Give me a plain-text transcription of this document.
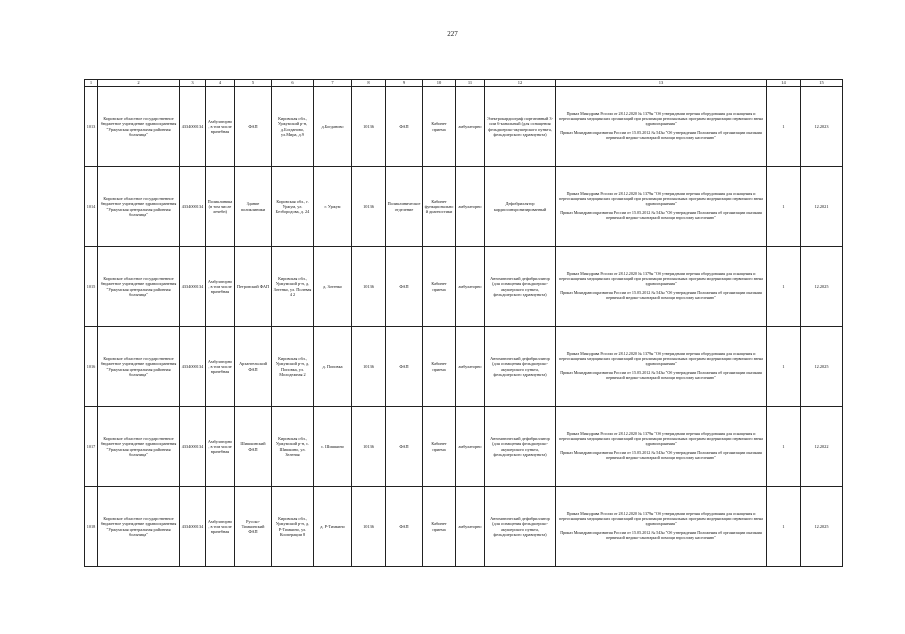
227
1	2	3	4	5	6	7	8	9	10	11	12	13	14	15
1013	Кировское областное государственное бюджетное учреждение здравоохранения "Уржумская центральная районная больница"	4334000134	Амбулаторно, в том числе врачебная	ФАП	Кировская обл., Уржумский р-н, д.Богданово, ул.Мира, д.9	д.Богданово	10136	ФАП	Кабинет приема	амбулаторно	Электрокардиограф портативный 3- или 6-канальный (для оснащения фельдшерско-акушерского пункта, фельдшерского здравпункта)	Приказ Минздрава России от 28.12.2020 № 1379н "Об утверждении перечня оборудования для оснащения и переоснащения медицинских организаций при реализации региональных программ модернизации первичного звена здравоохранения"

Приказ Минздравсоцразвития России от 15.05.2012 № 543н "Об утверждении Положения об организации оказания первичной медико-санитарной помощи взрослому населению"	1	12.2023
1014	Кировское областное государственное бюджетное учреждение здравоохранения "Уржумская центральная районная больница"	4334000134	Поликлиника (в том числе лечебн)	Здание поликлиники	Кировская обл., г. Уржум, ул. Безбородова, д. 24	г. Уржум	10136	Поликлиническое отделение	Кабинет функциональной диагностики	амбулаторно	Дефибриллятор кардиосинхронизированный	Приказ Минздрава России от 28.12.2020 № 1379н "Об утверждении перечня оборудования для оснащения и переоснащения медицинских организаций при реализации региональных программ модернизации первичного звена здравоохранения"

Приказ Минздравсоцразвития России от 15.05.2012 № 543н "Об утверждении Положения об организации оказания первичной медико-санитарной помощи взрослому населению"	1	12.2021
1015	Кировское областное государственное бюджетное учреждение здравоохранения "Уржумская центральная районная больница"	4334000134	Амбулаторно, в том числе врачебная	Петровский ФАП	Кировская обл., Уржумский р-н, д. Зотенко, ул. Полевая 4 2	д. Зотенко	10136	ФАП	Кабинет приема	амбулаторно	Автоматический дефибриллятор (для оснащения фельдшерско-акушерского пункта, фельдшерского здравпункта)	Приказ Минздрава России от 28.12.2020 № 1379н "Об утверждении перечня оборудования для оснащения и переоснащения медицинских организаций при реализации региональных программ модернизации первичного звена здравоохранения"

Приказ Минздравсоцразвития России от 15.05.2012 № 543н "Об утверждении Положения об организации оказания первичной медико-санитарной помощи взрослому населению"	1	12.2025
1016	Кировское областное государственное бюджетное учреждение здравоохранения "Уржумская центральная районная больница"	4334000134	Амбулаторно, в том числе врачебная	Архангельский ФАП	Кировская обл., Уржумский р-н, д. Поповка, ул. Молодежная 2	д. Поповка	10136	ФАП	Кабинет приема	амбулаторно	Автоматический дефибриллятор (для оснащения фельдшерско-акушерского пункта, фельдшерского здравпункта)	Приказ Минздрава России от 28.12.2020 № 1379н "Об утверждении перечня оборудования для оснащения и переоснащения медицинских организаций при реализации региональных программ модернизации первичного звена здравоохранения"

Приказ Минздравсоцразвития России от 15.05.2012 № 543н "Об утверждении Положения об организации оказания первичной медико-санитарной помощи взрослому населению"	1	12.2025
1017	Кировское областное государственное бюджетное учреждение здравоохранения "Уржумская центральная районная больница"	4334000134	Амбулаторно, в том числе врачебная	Шишкинский ФАП	Кировская обл., Уржумский р-н, с. Шишкино, ул. Зеленая	с. Шишкино	10136	ФАП	Кабинет приема	амбулаторно	Автоматический дефибриллятор (для оснащения фельдшерско-акушерского пункта, фельдшерского здравпункта)	Приказ Минздрава России от 28.12.2020 № 1379н "Об утверждении перечня оборудования для оснащения и переоснащения медицинских организаций при реализации региональных программ модернизации первичного звена здравоохранения"

Приказ Минздравсоцразвития России от 15.05.2012 № 543н "Об утверждении Положения об организации оказания первичной медико-санитарной помощи взрослому населению"	1	12.2022
1018	Кировское областное государственное бюджетное учреждение здравоохранения "Уржумская центральная районная больница"	4334000134	Амбулаторно, в том числе врачебная	Русско-Тимкинский ФАП	Кировская обл., Уржумский р-н, д. Р-Тимкино, ул. Кооперации 8	д. Р-Тимкино	10136	ФАП	Кабинет приема	амбулаторно	Автоматический дефибриллятор (для оснащения фельдшерско-акушерского пункта, фельдшерского здравпункта)	Приказ Минздрава России от 28.12.2020 № 1379н "Об утверждении перечня оборудования для оснащения и переоснащения медицинских организаций при реализации региональных программ модернизации первичного звена здравоохранения"

Приказ Минздравсоцразвития России от 15.05.2012 № 543н "Об утверждении Положения об организации оказания первичной медико-санитарной помощи взрослому населению"	1	12.2025
